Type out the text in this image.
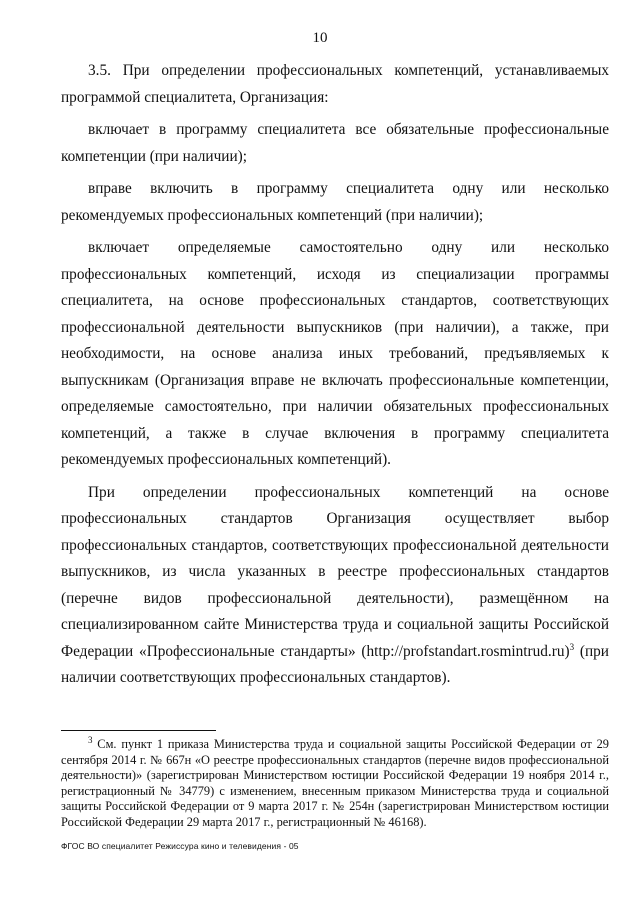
10

3.5. При определении профессиональных компетенций, устанавливаемых программой специалитета, Организация:

включает в программу специалитета все обязательные профессиональные компетенции (при наличии);

вправе включить в программу специалитета одну или несколько рекомендуемых профессиональных компетенций (при наличии);

включает определяемые самостоятельно одну или несколько профессиональных компетенций, исходя из специализации программы специалитета, на основе профессиональных стандартов, соответствующих профессиональной деятельности выпускников (при наличии), а также, при необходимости, на основе анализа иных требований, предъявляемых к выпускникам (Организация вправе не включать профессиональные компетенции, определяемые самостоятельно, при наличии обязательных профессиональных компетенций, а также в случае включения в программу специалитета рекомендуемых профессиональных компетенций).

При определении профессиональных компетенций на основе профессиональных стандартов Организация осуществляет выбор профессиональных стандартов, соответствующих профессиональной деятельности выпускников, из числа указанных в реестре профессиональных стандартов (перечне видов профессиональной деятельности), размещённом на специализированном сайте Министерства труда и социальной защиты Российской Федерации «Профессиональные стандарты» (http://profstandart.rosmintrud.ru)$^3$ (при наличии соответствующих профессиональных стандартов).

$^3$ См. пункт 1 приказа Министерства труда и социальной защиты Российской Федерации от 29 сентября 2014 г. № 667н «О реестре профессиональных стандартов (перечне видов профессиональной деятельности)» (зарегистрирован Министерством юстиции Российской Федерации 19 ноября 2014 г., регистрационный № 34779) с изменением, внесенным приказом Министерства труда и социальной защиты Российской Федерации от 9 марта 2017 г. № 254н (зарегистрирован Министерством юстиции Российской Федерации 29 марта 2017 г., регистрационный № 46168).
ФГОС ВО специалитет Режиссура кино и телевидения - 05
